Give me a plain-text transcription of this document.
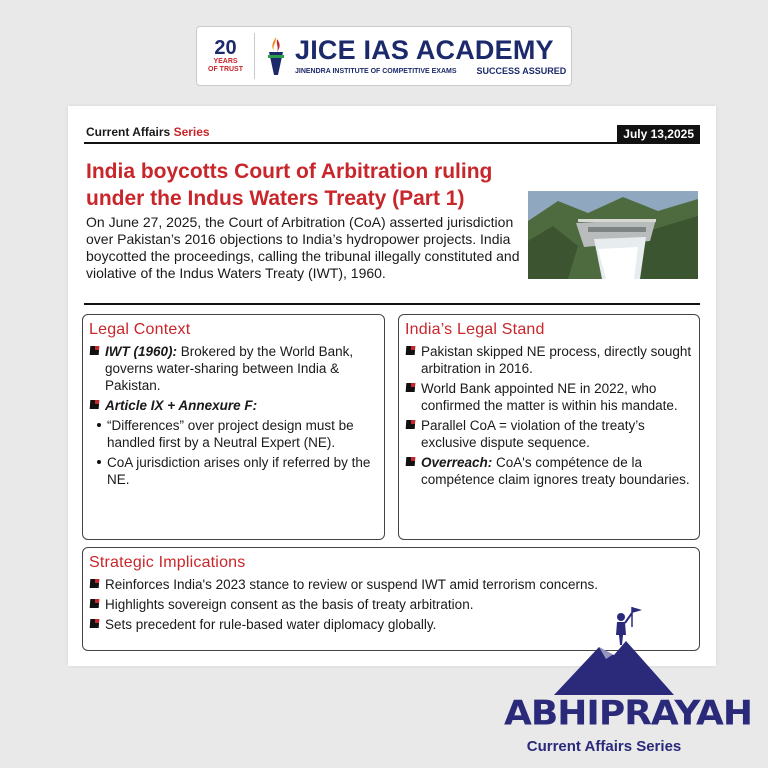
20
YEARS
OF TRUST
JICE IAS ACADEMY
JINENDRA INSTITUTE OF COMPETITIVE EXAMS SUCCESS ASSURED
Current Affairs Series	July 13,2025
India boycotts Court of Arbitration ruling under the Indus Waters Treaty (Part 1)
On June 27, 2025, the Court of Arbitration (CoA) asserted jurisdiction over Pakistan’s 2016 objections to India’s hydropower projects. India boycotted the proceedings, calling the tribunal illegally constituted and violative of the Indus Waters Treaty (IWT), 1960.
Legal Context
IWT (1960): Brokered by the World Bank, governs water-sharing between India & Pakistan.
Article IX + Annexure F:
“Differences” over project design must be handled first by a Neutral Expert (NE).
CoA jurisdiction arises only if referred by the NE.
India’s Legal Stand
Pakistan skipped NE process, directly sought arbitration in 2016.
World Bank appointed NE in 2022, who confirmed the matter is within his mandate.
Parallel CoA = violation of the treaty’s exclusive dispute sequence.
Overreach: CoA's compétence de la compétence claim ignores treaty boundaries.
Strategic Implications
Reinforces India's 2023 stance to review or suspend IWT amid terrorism concerns.
Highlights sovereign consent as the basis of treaty arbitration.
Sets precedent for rule-based water diplomacy globally.
ABHIPRAYAH
Current Affairs Series
